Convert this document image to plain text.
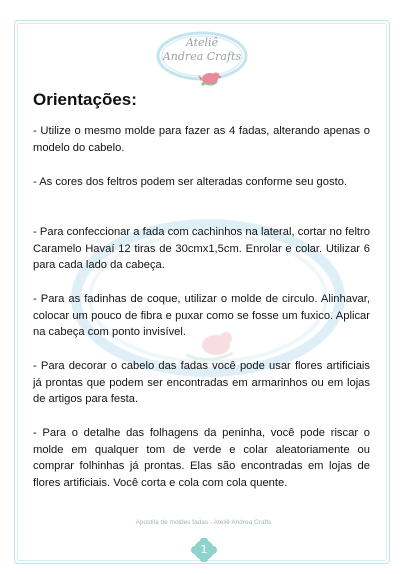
Ateliê
Andrea Crafts
Orientações:

- Utilize o mesmo molde para fazer as 4 fadas, alterando apenas o modelo do cabelo.

- As cores dos feltros podem ser alteradas conforme seu gosto.

- Para confeccionar a fada com cachinhos na lateral, cortar no feltro Caramelo Havaí 12 tiras de 30cmx1,5cm. Enrolar e colar. Utilizar 6 para cada lado da cabeça.

- Para as fadinhas de coque, utilizar o molde de circulo. Alinhavar, colocar um pouco de fibra e puxar como se fosse um fuxico. Aplicar na cabeça com ponto invisível.

- Para decorar o cabelo das fadas você pode usar flores artificiais já prontas que podem ser encontradas em armarinhos ou em lojas de artigos para festa.

- Para o detalhe das folhagens da peninha, você pode riscar o molde em qualquer tom de verde e colar aleatoriamente ou comprar folhinhas já prontas. Elas são encontradas em lojas de flores artificiais. Você corta e cola com cola quente.

Apostila de moldes fadas - Ateliê Andrea Crafts
1
